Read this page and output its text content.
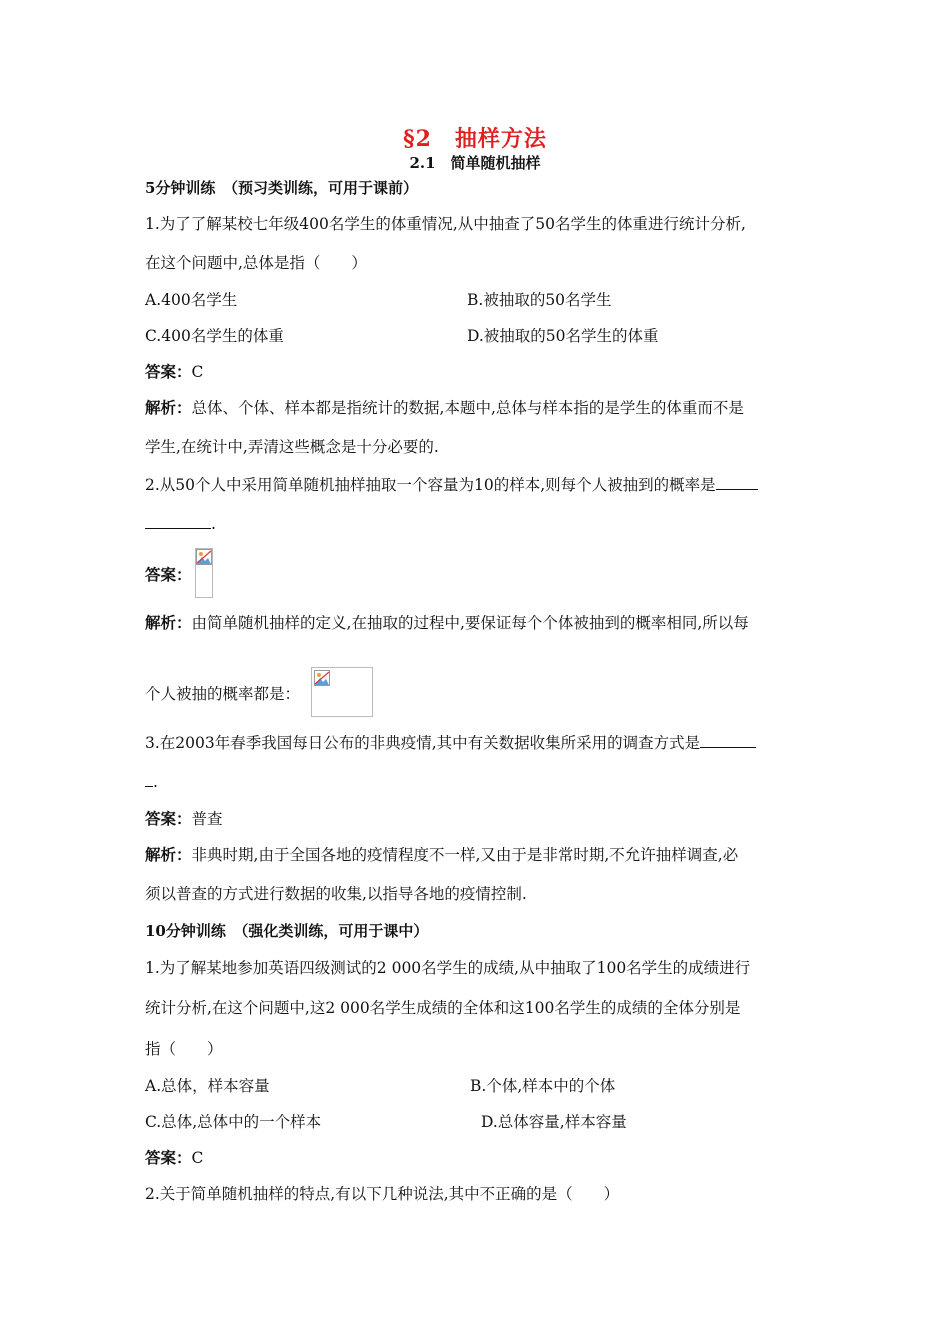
§2　抽样方法
2.1　简单随机抽样
5分钟训练　（预习类训练，可用于课前）
1.为了了解某校七年级400名学生的体重情况,从中抽查了50名学生的体重进行统计分析,
在这个问题中,总体是指（　　）
A.400名学生	B.被抽取的50名学生
C.400名学生的体重	D.被抽取的50名学生的体重
答案：C
解析：总体、个体、样本都是指统计的数据,本题中,总体与样本指的是学生的体重而不是
学生,在统计中,弄清这些概念是十分必要的.
2.从50个人中采用简单随机抽样抽取一个容量为10的样本,则每个人被抽到的概率是
.
答案：
解析：由简单随机抽样的定义,在抽取的过程中,要保证每个个体被抽到的概率相同,所以每
个人被抽的概率都是：
3.在2003年春季我国每日公布的非典疫情,其中有关数据收集所采用的调查方式是
.
答案：普查
解析：非典时期,由于全国各地的疫情程度不一样,又由于是非常时期,不允许抽样调查,必
须以普查的方式进行数据的收集,以指导各地的疫情控制.
10分钟训练　（强化类训练，可用于课中）
1.为了解某地参加英语四级测试的2 000名学生的成绩,从中抽取了100名学生的成绩进行
统计分析,在这个问题中,这2 000名学生成绩的全体和这100名学生的成绩的全体分别是
指（　　）
A.总体，样本容量	B.个体,样本中的个体
C.总体,总体中的一个样本	D.总体容量,样本容量
答案：C
2.关于简单随机抽样的特点,有以下几种说法,其中不正确的是（　　）
